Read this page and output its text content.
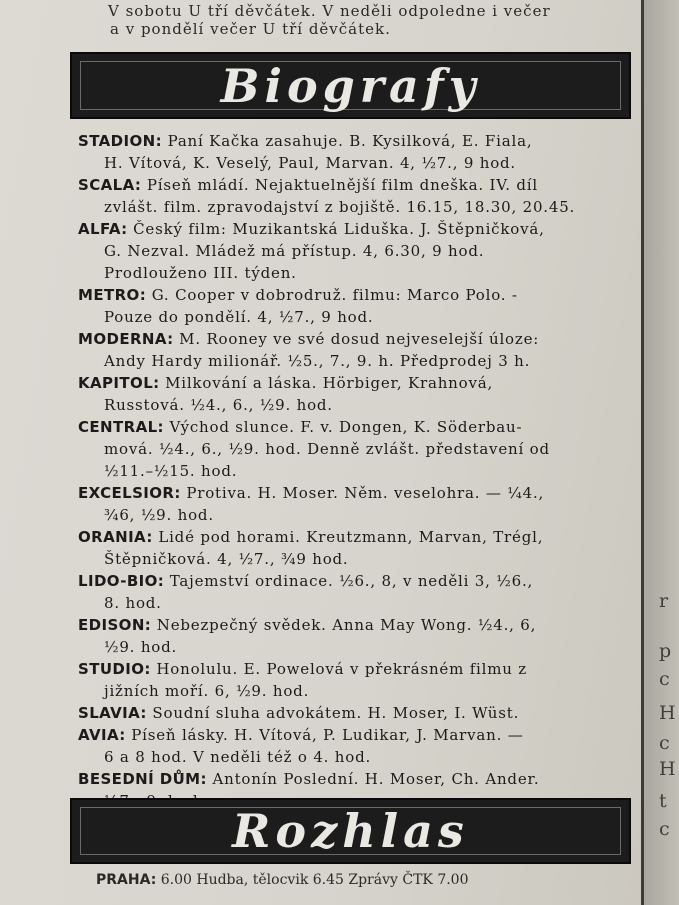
V sobotu U tří děvčátek. V neděli odpoledne i večer
a v pondělí večer U tří děvčátek.
Biografy
STADION: Paní Kačka zasahuje. B. Kysilková, E. Fiala,
H. Vítová, K. Veselý, Paul, Marvan. 4, ½7., 9 hod.
SCALA: Píseň mládí. Nejaktuelnější film dneška. IV. díl
zvlášt. film. zpravodajství z bojiště. 16.15, 18.30, 20.45.
ALFA: Český film: Muzikantská Liduška. J. Štěpničková,
G. Nezval. Mládež má přístup. 4, 6.30, 9 hod.
Prodlouženo III. týden.
METRO: G. Cooper v dobrodruž. filmu: Marco Polo. -
Pouze do pondělí. 4, ½7., 9 hod.
MODERNA: M. Rooney ve své dosud nejveselejší úloze:
Andy Hardy milionář. ½5., 7., 9. h. Předprodej 3 h.
KAPITOL: Milkování a láska. Hörbiger, Krahnová,
Russtová. ½4., 6., ½9. hod.
CENTRAL: Východ slunce. F. v. Dongen, K. Söderbau-
mová. ½4., 6., ½9. hod. Denně zvlášt. představení od
½11.–½15. hod.
EXCELSIOR: Protiva. H. Moser. Něm. veselohra. — ¼4.,
¾6, ½9. hod.
ORANIA: Lidé pod horami. Kreutzmann, Marvan, Trégl,
Štěpničková. 4, ½7., ¾9 hod.
LIDO-BIO: Tajemství ordinace. ½6., 8, v neděli 3, ½6.,
8. hod.
EDISON: Nebezpečný svědek. Anna May Wong. ½4., 6,
½9. hod.
STUDIO: Honolulu. E. Powelová v překrásném filmu z
jižních moří. 6, ½9. hod.
SLAVIA: Soudní sluha advokátem. H. Moser, I. Wüst.
AVIA: Píseň lásky. H. Vítová, P. Ludikar, J. Marvan. —
6 a 8 hod. V neděli též o 4. hod.
BESEDNÍ DŮM: Antonín Poslední. H. Moser, Ch. Ander.
Rozhlas
PRAHA: 6.00 Hudba, tělocvik 6.45 Zprávy ČTK 7.00
r
p
c
H
c
H
t
c
